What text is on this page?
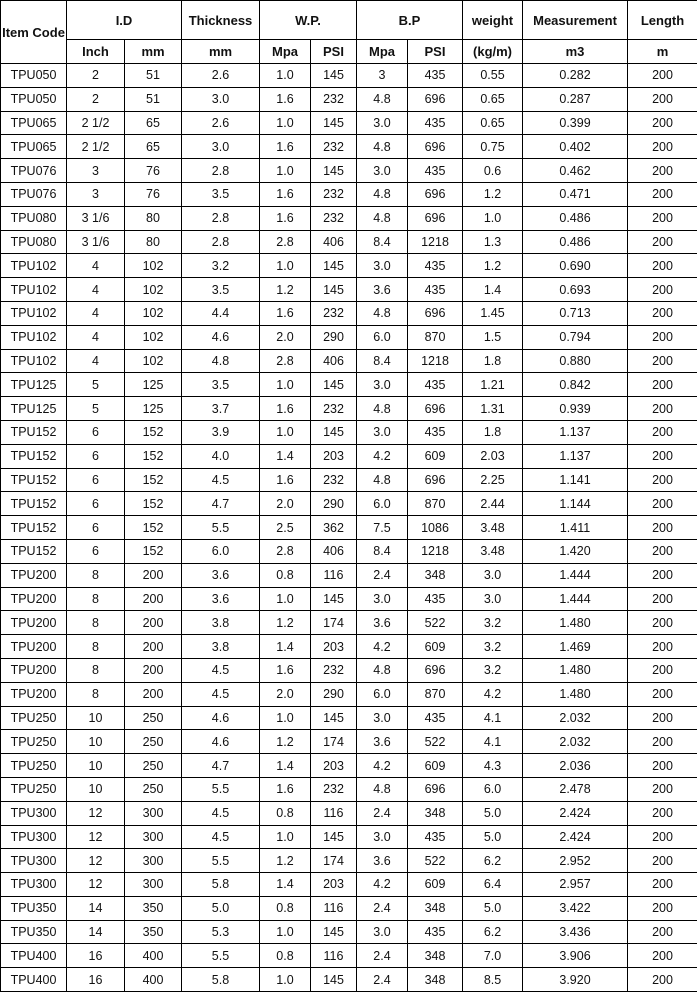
Item Code	I.D		Thickness	W.P.		B.P		weight	Measurement	Length
	Inch	mm	mm	Mpa	PSI	Mpa	PSI	(kg/m)	m3	m
TPU050	2	51	2.6	1.0	145	3	435	0.55	0.282	200
TPU050	2	51	3.0	1.6	232	4.8	696	0.65	0.287	200
TPU065	2 1/2	65	2.6	1.0	145	3.0	435	0.65	0.399	200
TPU065	2 1/2	65	3.0	1.6	232	4.8	696	0.75	0.402	200
TPU076	3	76	2.8	1.0	145	3.0	435	0.6	0.462	200
TPU076	3	76	3.5	1.6	232	4.8	696	1.2	0.471	200
TPU080	3 1/6	80	2.8	1.6	232	4.8	696	1.0	0.486	200
TPU080	3 1/6	80	2.8	2.8	406	8.4	1218	1.3	0.486	200
TPU102	4	102	3.2	1.0	145	3.0	435	1.2	0.690	200
TPU102	4	102	3.5	1.2	145	3.6	435	1.4	0.693	200
TPU102	4	102	4.4	1.6	232	4.8	696	1.45	0.713	200
TPU102	4	102	4.6	2.0	290	6.0	870	1.5	0.794	200
TPU102	4	102	4.8	2.8	406	8.4	1218	1.8	0.880	200
TPU125	5	125	3.5	1.0	145	3.0	435	1.21	0.842	200
TPU125	5	125	3.7	1.6	232	4.8	696	1.31	0.939	200
TPU152	6	152	3.9	1.0	145	3.0	435	1.8	1.137	200
TPU152	6	152	4.0	1.4	203	4.2	609	2.03	1.137	200
TPU152	6	152	4.5	1.6	232	4.8	696	2.25	1.141	200
TPU152	6	152	4.7	2.0	290	6.0	870	2.44	1.144	200
TPU152	6	152	5.5	2.5	362	7.5	1086	3.48	1.411	200
TPU152	6	152	6.0	2.8	406	8.4	1218	3.48	1.420	200
TPU200	8	200	3.6	0.8	116	2.4	348	3.0	1.444	200
TPU200	8	200	3.6	1.0	145	3.0	435	3.0	1.444	200
TPU200	8	200	3.8	1.2	174	3.6	522	3.2	1.480	200
TPU200	8	200	3.8	1.4	203	4.2	609	3.2	1.469	200
TPU200	8	200	4.5	1.6	232	4.8	696	3.2	1.480	200
TPU200	8	200	4.5	2.0	290	6.0	870	4.2	1.480	200
TPU250	10	250	4.6	1.0	145	3.0	435	4.1	2.032	200
TPU250	10	250	4.6	1.2	174	3.6	522	4.1	2.032	200
TPU250	10	250	4.7	1.4	203	4.2	609	4.3	2.036	200
TPU250	10	250	5.5	1.6	232	4.8	696	6.0	2.478	200
TPU300	12	300	4.5	0.8	116	2.4	348	5.0	2.424	200
TPU300	12	300	4.5	1.0	145	3.0	435	5.0	2.424	200
TPU300	12	300	5.5	1.2	174	3.6	522	6.2	2.952	200
TPU300	12	300	5.8	1.4	203	4.2	609	6.4	2.957	200
TPU350	14	350	5.0	0.8	116	2.4	348	5.0	3.422	200
TPU350	14	350	5.3	1.0	145	3.0	435	6.2	3.436	200
TPU400	16	400	5.5	0.8	116	2.4	348	7.0	3.906	200
TPU400	16	400	5.8	1.0	145	2.4	348	8.5	3.920	200
